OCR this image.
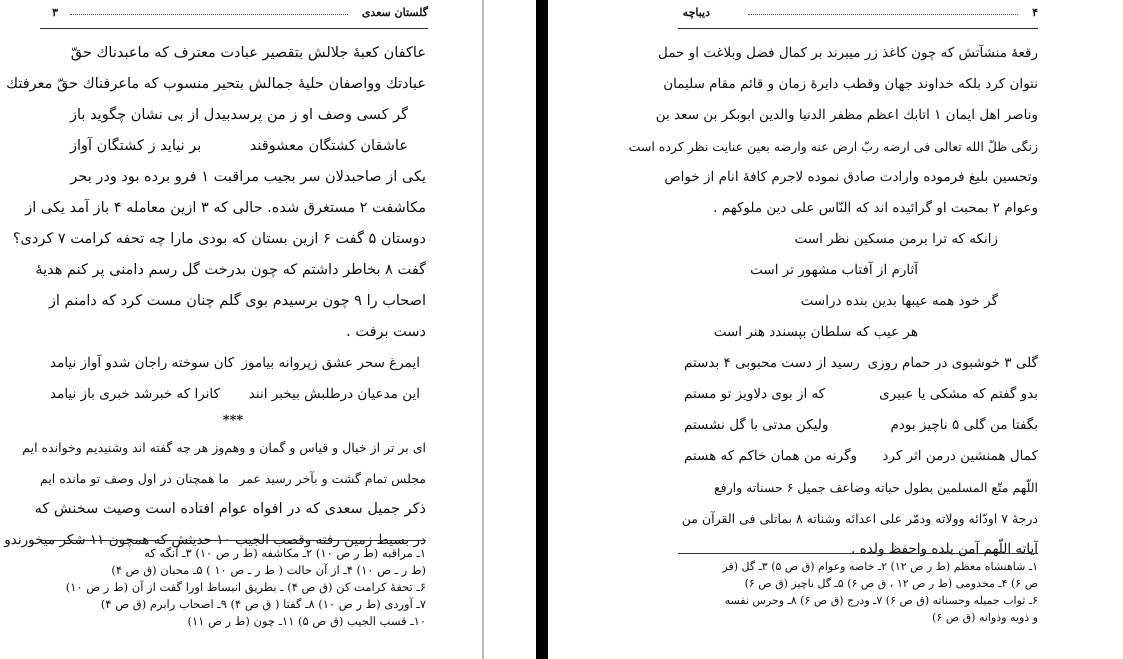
۳	گلستان سعدی
عاکفان کعبهٔ جلالش بتقصیر عبادت معترف که ماعبدناك حقّ
عبادتك وواصفان حلیهٔ جمالش بتحیر منسوب که ماعرفناك حقّ معرفتك
گر کسی وصف او ز من پرسد
بیدل از بی نشان چگوید باز
عاشقان کشتگان معشوقند
بر نیاید ز کشتگان آواز
یکی از صاحبدلان سر بجیب مراقبت ۱ فرو برده بود ودر بحر
مکاشفت ۲ مستغرق شده. حالی که ۳ ازین معامله ۴ باز آمد یکی از
دوستان ۵ گفت ۶ ازین بستان که بودی مارا چه تحفه کرامت ۷ کردی؟
گفت ۸ بخاطر داشتم که چون بدرخت گل رسم دامنی پر کنم هدیهٔ
اصحاب را ۹ چون برسیدم بوی گلم چنان مست کرد که دامنم از
دست برفت .
ایمرغ سحر عشق زپروانه بیاموز
کان سوخته راجان شدو آواز نیامد
این مدعیان درطلبش بیخبر انند
کانرا که خبرشد خبری باز نیامد
***
ای بر تر از خیال و قیاس و گمان و وهم
وز هر چه گفته اند وشنیدیم وخوانده ایم
مجلس تمام گشت و بآخر رسید عمر
ما همچنان در اول وصف تو مانده ایم
ذکر جمیل سعدی که در افواه عوام افتاده است وصیت سخنش که
در بسیط زمین رفته وقصب الجیب ۱۰ حدیثش که همچون ۱۱ شکر میخورندو
۱ـ مراقبه (ط ر ص ۱۰) ۲ـ مکاشفه (ط ر ص ۱۰) ۳ـ آنگه که
(ط ر ـ ص ۱۰) ۴ـ از آن حالت ( ط ر ـ ص ۱۰ ) ۵ـ محبان (ق ص ۴)
۶ـ تحفهٔ کرامت کن (ق ص ۴) ـ بطریق انبساط اورا گفت از آن (ط ر ص ۱۰)
۷ـ آوردی (ط ر ص ۱۰) ۸ـ گفتا ( ق ص ۴) ۹ـ اصحاب رابرم (ق ص ۴)
۱۰ـ قسب الجیب (ق ص ۵) ۱۱ـ چون (ط ر ص ۱۱)
۴
دیباچه
رقعهٔ منشآتش که چون کاغذ زر میبرند بر کمال فضل وبلاغت او حمل
نتوان کرد بلکه خداوند جهان وقطب دایرهٔ زمان و قائم مقام سلیمان
وناصر اهل ایمان ۱ اتابك اعظم مظفر الدنیا والدین ابوبکر بن سعد بن
زنگی ظلّ الله تعالی فی ارضه ربّ ارض عنه وارضه بعین عنایت نظر کرده است
وتحسین بلیغ فرموده وارادت صادق نموده لاجرم کافهٔ انام از خواص
وعوام ۲ بمحبت او گرائیده اند که النّاس علی دین ملوکهم .
زانکه که ترا برمن مسکین نظر است
آثارم از آفتاب مشهور تر است
گر خود همه عیبها بدین بنده دراست
هر عیب که سلطان بپسندد هنر است
گلی ۳ خوشبوی در حمام روزی
رسید از دست محبوبی ۴ بدستم
بدو گفتم که مشکی یا عبیری
که از بوی دلاویز تو مستم
بگفتا من گلی ۵ ناچیز بودم
ولیکن مدتی با گل نشستم
کمال همنشین درمن اثر کرد
وگرنه من همان خاکم که هستم
اللّهم متّع المسلمین بطول حیاته وضاعف جمیل ۶ حسناته وارفع
درجهٔ ۷ اودّائه وولاته ودمّر علی اعدائه وشناته ۸ بماتلی فی القرآن من
آیاته اللّهم آمن بلده واحفظ ولده .
۱ـ شاهنشاه معظم (ط ر ص ۱۲) ۲ـ خاصه وعوام (ق ص ۵) ۳ـ گل (قر
ص ۶) ۴ـ مخدومی (ط ر ص ۱۲ ، ق ص ۶) ۵ـ گل ناچیز (ق ص ۶)
۶ـ ثواب جمیله وحسناته (ق ص ۶) ۷ـ ودرج (ق ص ۶) ۸ـ وحرس نفسه
و ذویه وذواته (ق ص ۶)
